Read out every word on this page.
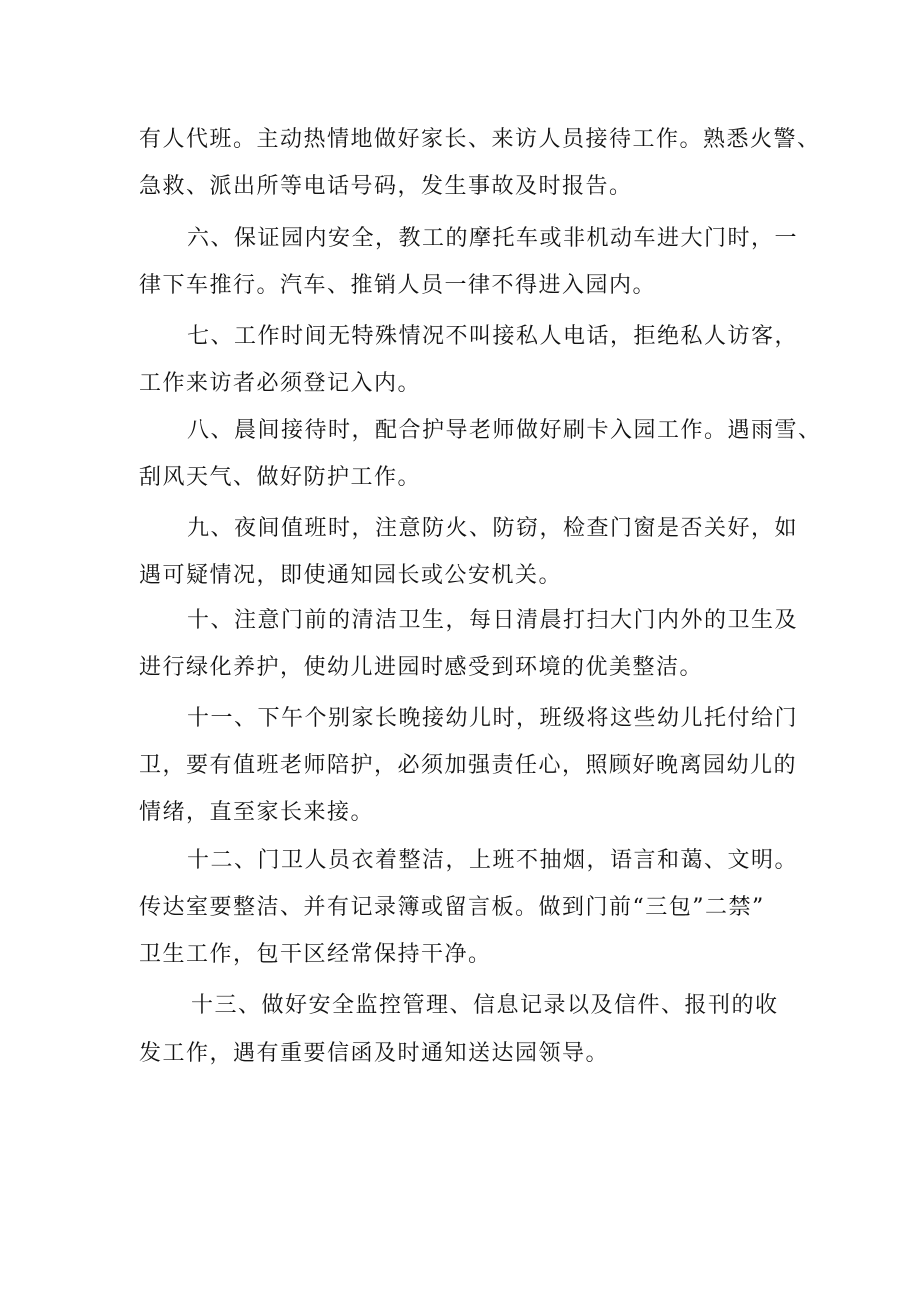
有人代班。主动热情地做好家长、来访人员接待工作。熟悉火警、
急救、派出所等电话号码，发生事故及时报告。
六、保证园内安全，教工的摩托车或非机动车进大门时，一
律下车推行。汽车、推销人员一律不得进入园内。
七、工作时间无特殊情况不叫接私人电话，拒绝私人访客，
工作来访者必须登记入内。
八、晨间接待时，配合护导老师做好刷卡入园工作。遇雨雪、
刮风天气、做好防护工作。
九、夜间值班时，注意防火、防窃，检查门窗是否关好，如
遇可疑情况，即使通知园长或公安机关。
十、注意门前的清洁卫生，每日清晨打扫大门内外的卫生及
进行绿化养护，使幼儿进园时感受到环境的优美整洁。
十一、下午个别家长晚接幼儿时，班级将这些幼儿托付给门
卫，要有值班老师陪护，必须加强责任心，照顾好晚离园幼儿的
情绪，直至家长来接。
十二、门卫人员衣着整洁，上班不抽烟，语言和蔼、文明。
传达室要整洁、并有记录簿或留言板。做到门前“三包”二禁”
卫生工作，包干区经常保持干净。
十三、做好安全监控管理、信息记录以及信件、报刊的收
发工作，遇有重要信函及时通知送达园领导。
